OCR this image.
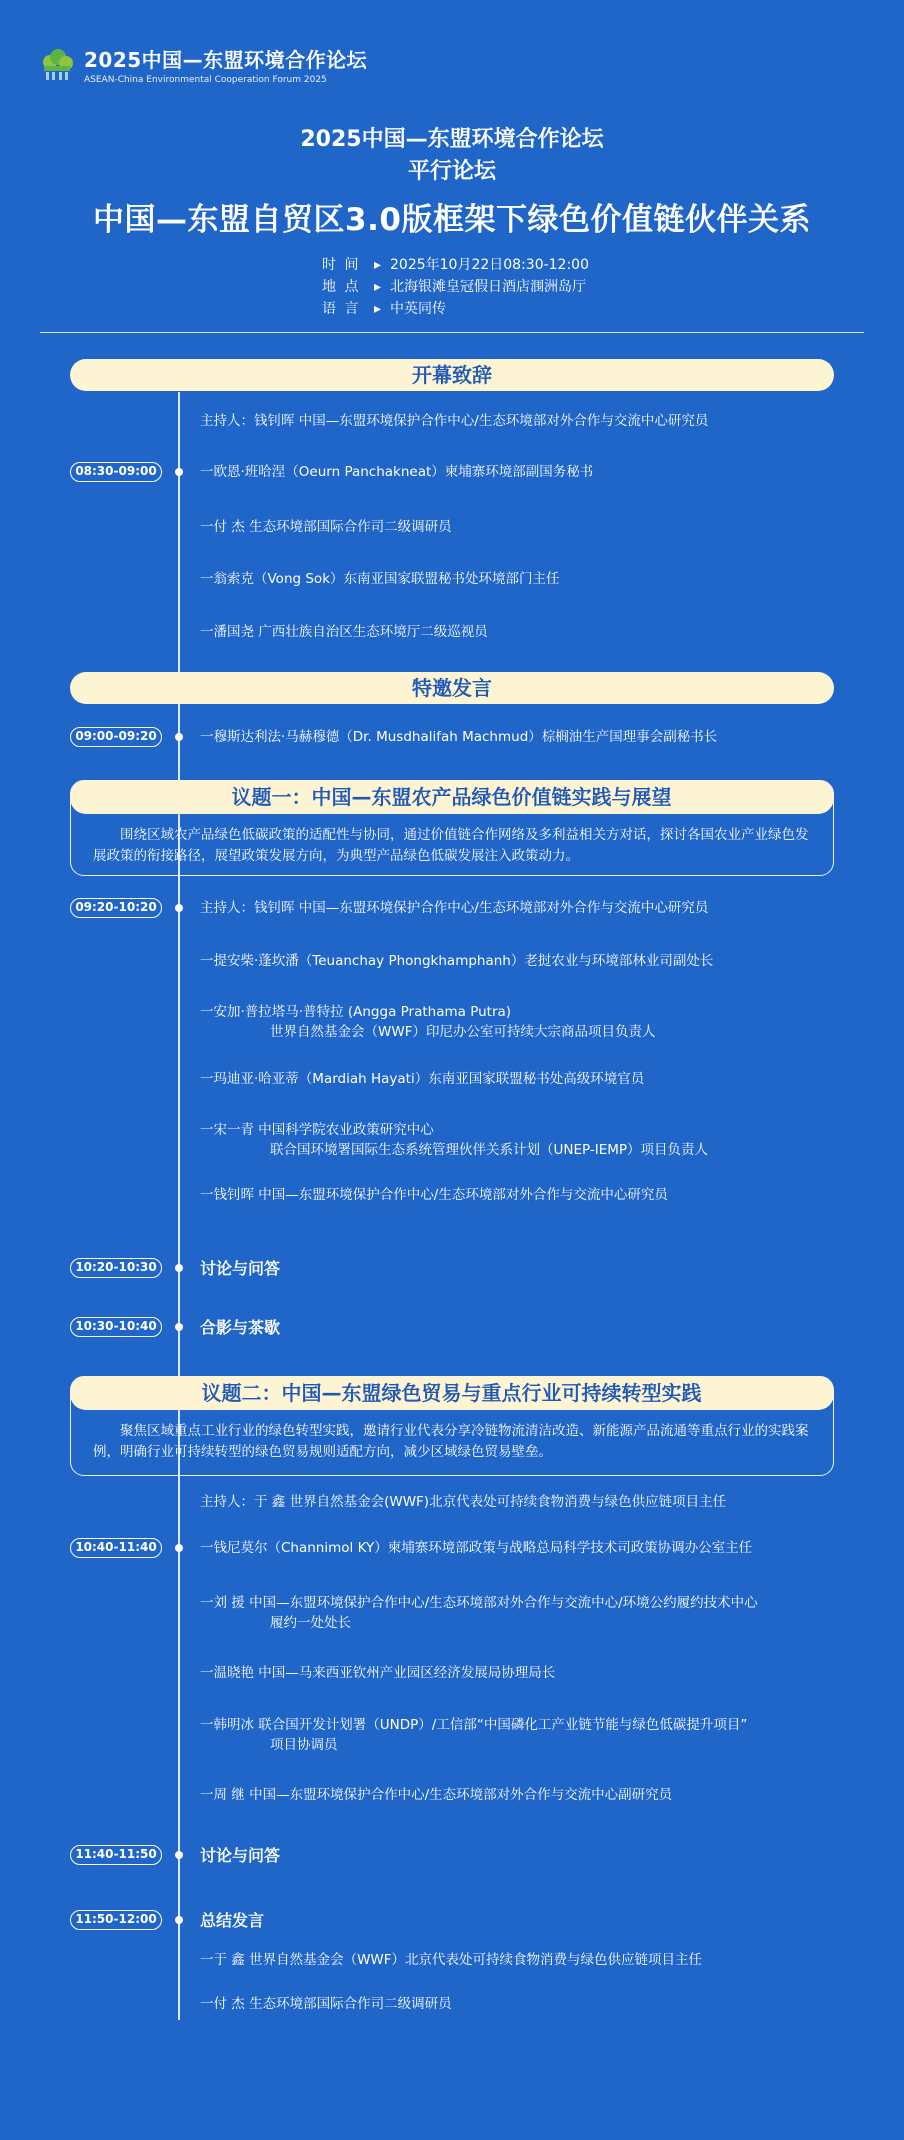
2025中国—东盟环境合作论坛
ASEAN-China Environmental Cooperation Forum 2025
2025中国—东盟环境合作论坛
平行论坛
中国—东盟自贸区3.0版框架下绿色价值链伙伴关系
时 间 ▸ 2025年10月22日08:30-12:00
地 点 ▸ 北海银滩皇冠假日酒店涠洲岛厅
语 言 ▸ 中英同传
开幕致辞
主持人：钱钊晖 中国—东盟环境保护合作中心/生态环境部对外合作与交流中心研究员
08:30-09:00	一欧恩·班哈涅（Oeurn Panchakneat）柬埔寨环境部副国务秘书
一付 杰 生态环境部国际合作司二级调研员
一翁索克（Vong Sok）东南亚国家联盟秘书处环境部门主任
一潘国尧 广西壮族自治区生态环境厅二级巡视员
特邀发言
09:00-09:20	一穆斯达利法·马赫穆德（Dr. Musdhalifah Machmud）棕榈油生产国理事会副秘书长
议题一：中国—东盟农产品绿色价值链实践与展望

围绕区域农产品绿色低碳政策的适配性与协同，通过价值链合作网络及多利益相关方对话，探讨各国农业产业绿色发展政策的衔接路径，展望政策发展方向，为典型产品绿色低碳发展注入政策动力。

09:20-10:20	主持人：钱钊晖 中国—东盟环境保护合作中心/生态环境部对外合作与交流中心研究员
一提安柴·蓬坎潘（Teuanchay Phongkhamphanh）老挝农业与环境部林业司副处长
一安加·普拉塔马·普特拉 (Angga Prathama Putra)
世界自然基金会（WWF）印尼办公室可持续大宗商品项目负责人
一玛迪亚·哈亚蒂（Mardiah Hayati）东南亚国家联盟秘书处高级环境官员
一宋一青 中国科学院农业政策研究中心
联合国环境署国际生态系统管理伙伴关系计划（UNEP-IEMP）项目负责人
一钱钊晖 中国—东盟环境保护合作中心/生态环境部对外合作与交流中心研究员
10:20-10:30	讨论与问答
10:30-10:40	合影与茶歇
议题二：中国—东盟绿色贸易与重点行业可持续转型实践

聚焦区域重点工业行业的绿色转型实践，邀请行业代表分享冷链物流清洁改造、新能源产品流通等重点行业的实践案例，明确行业可持续转型的绿色贸易规则适配方向，减少区域绿色贸易壁垒。

主持人：于 鑫 世界自然基金会(WWF)北京代表处可持续食物消费与绿色供应链项目主任
10:40-11:40	一钱尼莫尔（Channimol KY）柬埔寨环境部政策与战略总局科学技术司政策协调办公室主任
一刘 援 中国—东盟环境保护合作中心/生态环境部对外合作与交流中心/环境公约履约技术中心
履约一处处长
一温晓艳 中国—马来西亚钦州产业园区经济发展局协理局长
一韩明冰 联合国开发计划署（UNDP）/工信部“中国磷化工产业链节能与绿色低碳提升项目”
项目协调员
一周 继 中国—东盟环境保护合作中心/生态环境部对外合作与交流中心副研究员
11:40-11:50	讨论与问答
11:50-12:00	总结发言
一于 鑫 世界自然基金会（WWF）北京代表处可持续食物消费与绿色供应链项目主任
一付 杰 生态环境部国际合作司二级调研员
